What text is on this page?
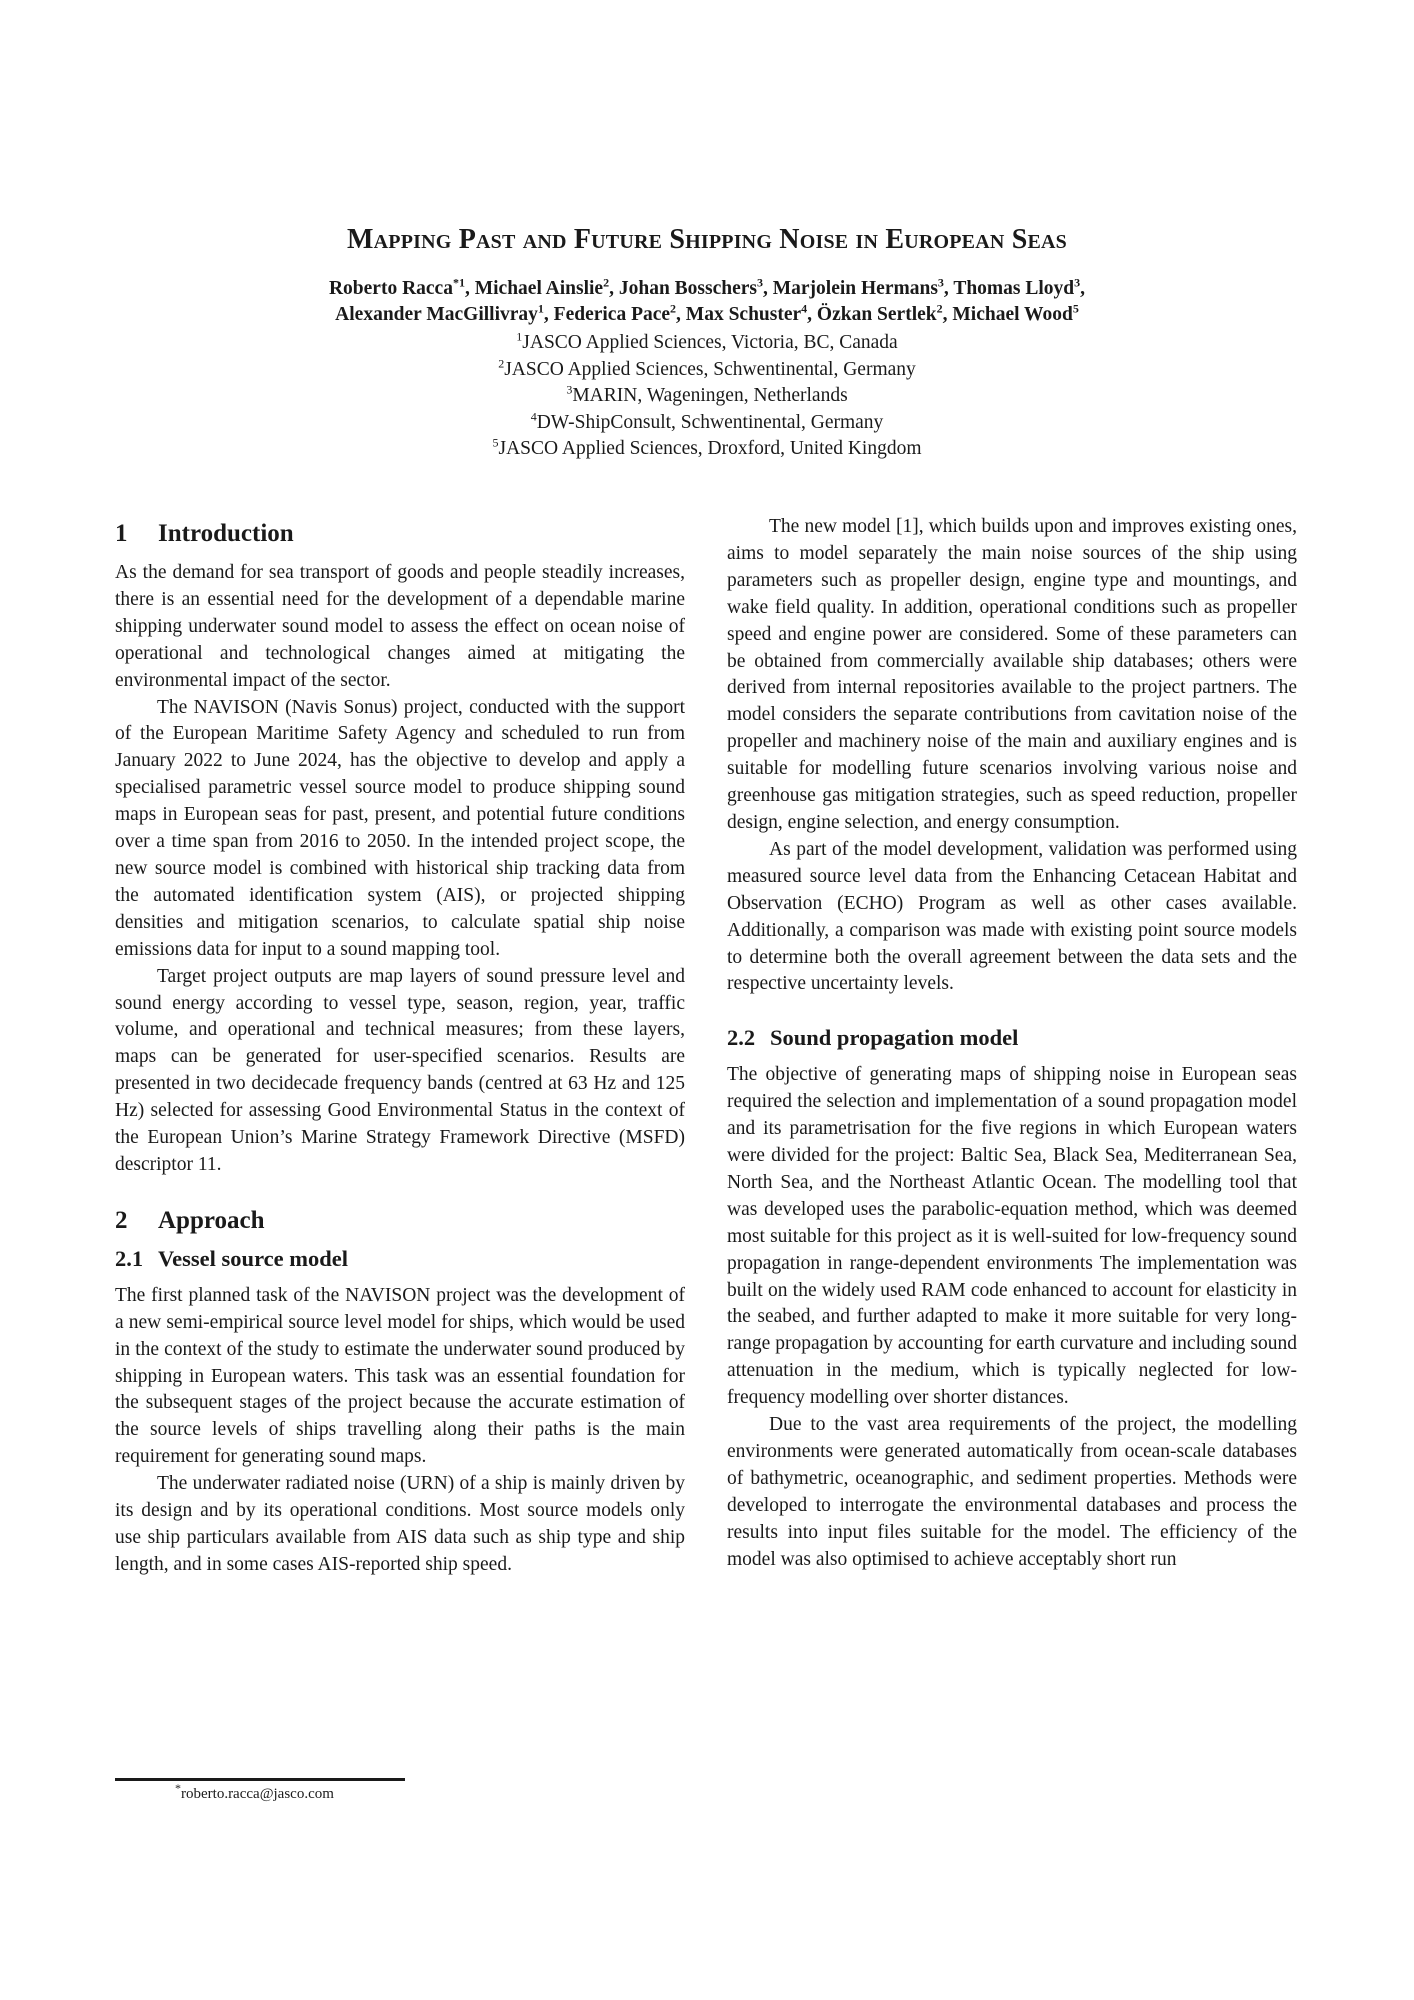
Mapping Past and Future Shipping Noise in European Seas
Roberto Racca$^{*1}$, Michael Ainslie$^2$, Johan Bosschers$^3$, Marjolein Hermans$^3$, Thomas Lloyd$^3$,
Alexander MacGillivray$^1$, Federica Pace$^2$, Max Schuster$^4$, Özkan Sertlek$^2$, Michael Wood$^5$
$^1$JASCO Applied Sciences, Victoria, BC, Canada
$^2$JASCO Applied Sciences, Schwentinental, Germany
$^3$MARIN, Wageningen, Netherlands
$^4$DW-ShipConsult, Schwentinental, Germany
$^5$JASCO Applied Sciences, Droxford, United Kingdom
1 Introduction

As the demand for sea transport of goods and people steadily increases, there is an essential need for the development of a dependable marine shipping underwater sound model to assess the effect on ocean noise of operational and technological changes aimed at mitigating the environmental impact of the sector.

The NAVISON (Navis Sonus) project, conducted with the support of the European Maritime Safety Agency and scheduled to run from January 2022 to June 2024, has the objective to develop and apply a specialised parametric vessel source model to produce shipping sound maps in European seas for past, present, and potential future conditions over a time span from 2016 to 2050. In the intended project scope, the new source model is combined with historical ship tracking data from the automated identification system (AIS), or projected shipping densities and mitigation scenarios, to calculate spatial ship noise emissions data for input to a sound mapping tool.

Target project outputs are map layers of sound pressure level and sound energy according to vessel type, season, region, year, traffic volume, and operational and technical measures; from these layers, maps can be generated for user-specified scenarios. Results are presented in two decidecade frequency bands (centred at 63 Hz and 125 Hz) selected for assessing Good Environmental Status in the context of the European Union’s Marine Strategy Framework Directive (MSFD) descriptor 11.

2 Approach
2.1 Vessel source model

The first planned task of the NAVISON project was the development of a new semi-empirical source level model for ships, which would be used in the context of the study to estimate the underwater sound produced by shipping in European waters. This task was an essential foundation for the subsequent stages of the project because the accurate estimation of the source levels of ships travelling along their paths is the main requirement for generating sound maps.

The underwater radiated noise (URN) of a ship is mainly driven by its design and by its operational conditions. Most source models only use ship particulars available from AIS data such as ship type and ship length, and in some cases AIS-reported ship speed.

The new model [1], which builds upon and improves existing ones, aims to model separately the main noise sources of the ship using parameters such as propeller design, engine type and mountings, and wake field quality. In addition, operational conditions such as propeller speed and engine power are considered. Some of these parameters can be obtained from commercially available ship databases; others were derived from internal repositories available to the project partners. The model considers the separate contributions from cavitation noise of the propeller and machinery noise of the main and auxiliary engines and is suitable for modelling future scenarios involving various noise and greenhouse gas mitigation strategies, such as speed reduction, propeller design, engine selection, and energy consumption.

As part of the model development, validation was performed using measured source level data from the Enhancing Cetacean Habitat and Observation (ECHO) Program as well as other cases available. Additionally, a comparison was made with existing point source models to determine both the overall agreement between the data sets and the respective uncertainty levels.

2.2 Sound propagation model

The objective of generating maps of shipping noise in European seas required the selection and implementation of a sound propagation model and its parametrisation for the five regions in which European waters were divided for the project: Baltic Sea, Black Sea, Mediterranean Sea, North Sea, and the Northeast Atlantic Ocean. The modelling tool that was developed uses the parabolic-equation method, which was deemed most suitable for this project as it is well-suited for low-frequency sound propagation in range-dependent environments The implementation was built on the widely used RAM code enhanced to account for elasticity in the seabed, and further adapted to make it more suitable for very long-range propagation by accounting for earth curvature and including sound attenuation in the medium, which is typically neglected for low-frequency modelling over shorter distances.

Due to the vast area requirements of the project, the modelling environments were generated automatically from ocean-scale databases of bathymetric, oceanographic, and sediment properties. Methods were developed to interrogate the environmental databases and process the results into input files suitable for the model. The efficiency of the model was also optimised to achieve acceptably short run

*roberto.racca@jasco.com
